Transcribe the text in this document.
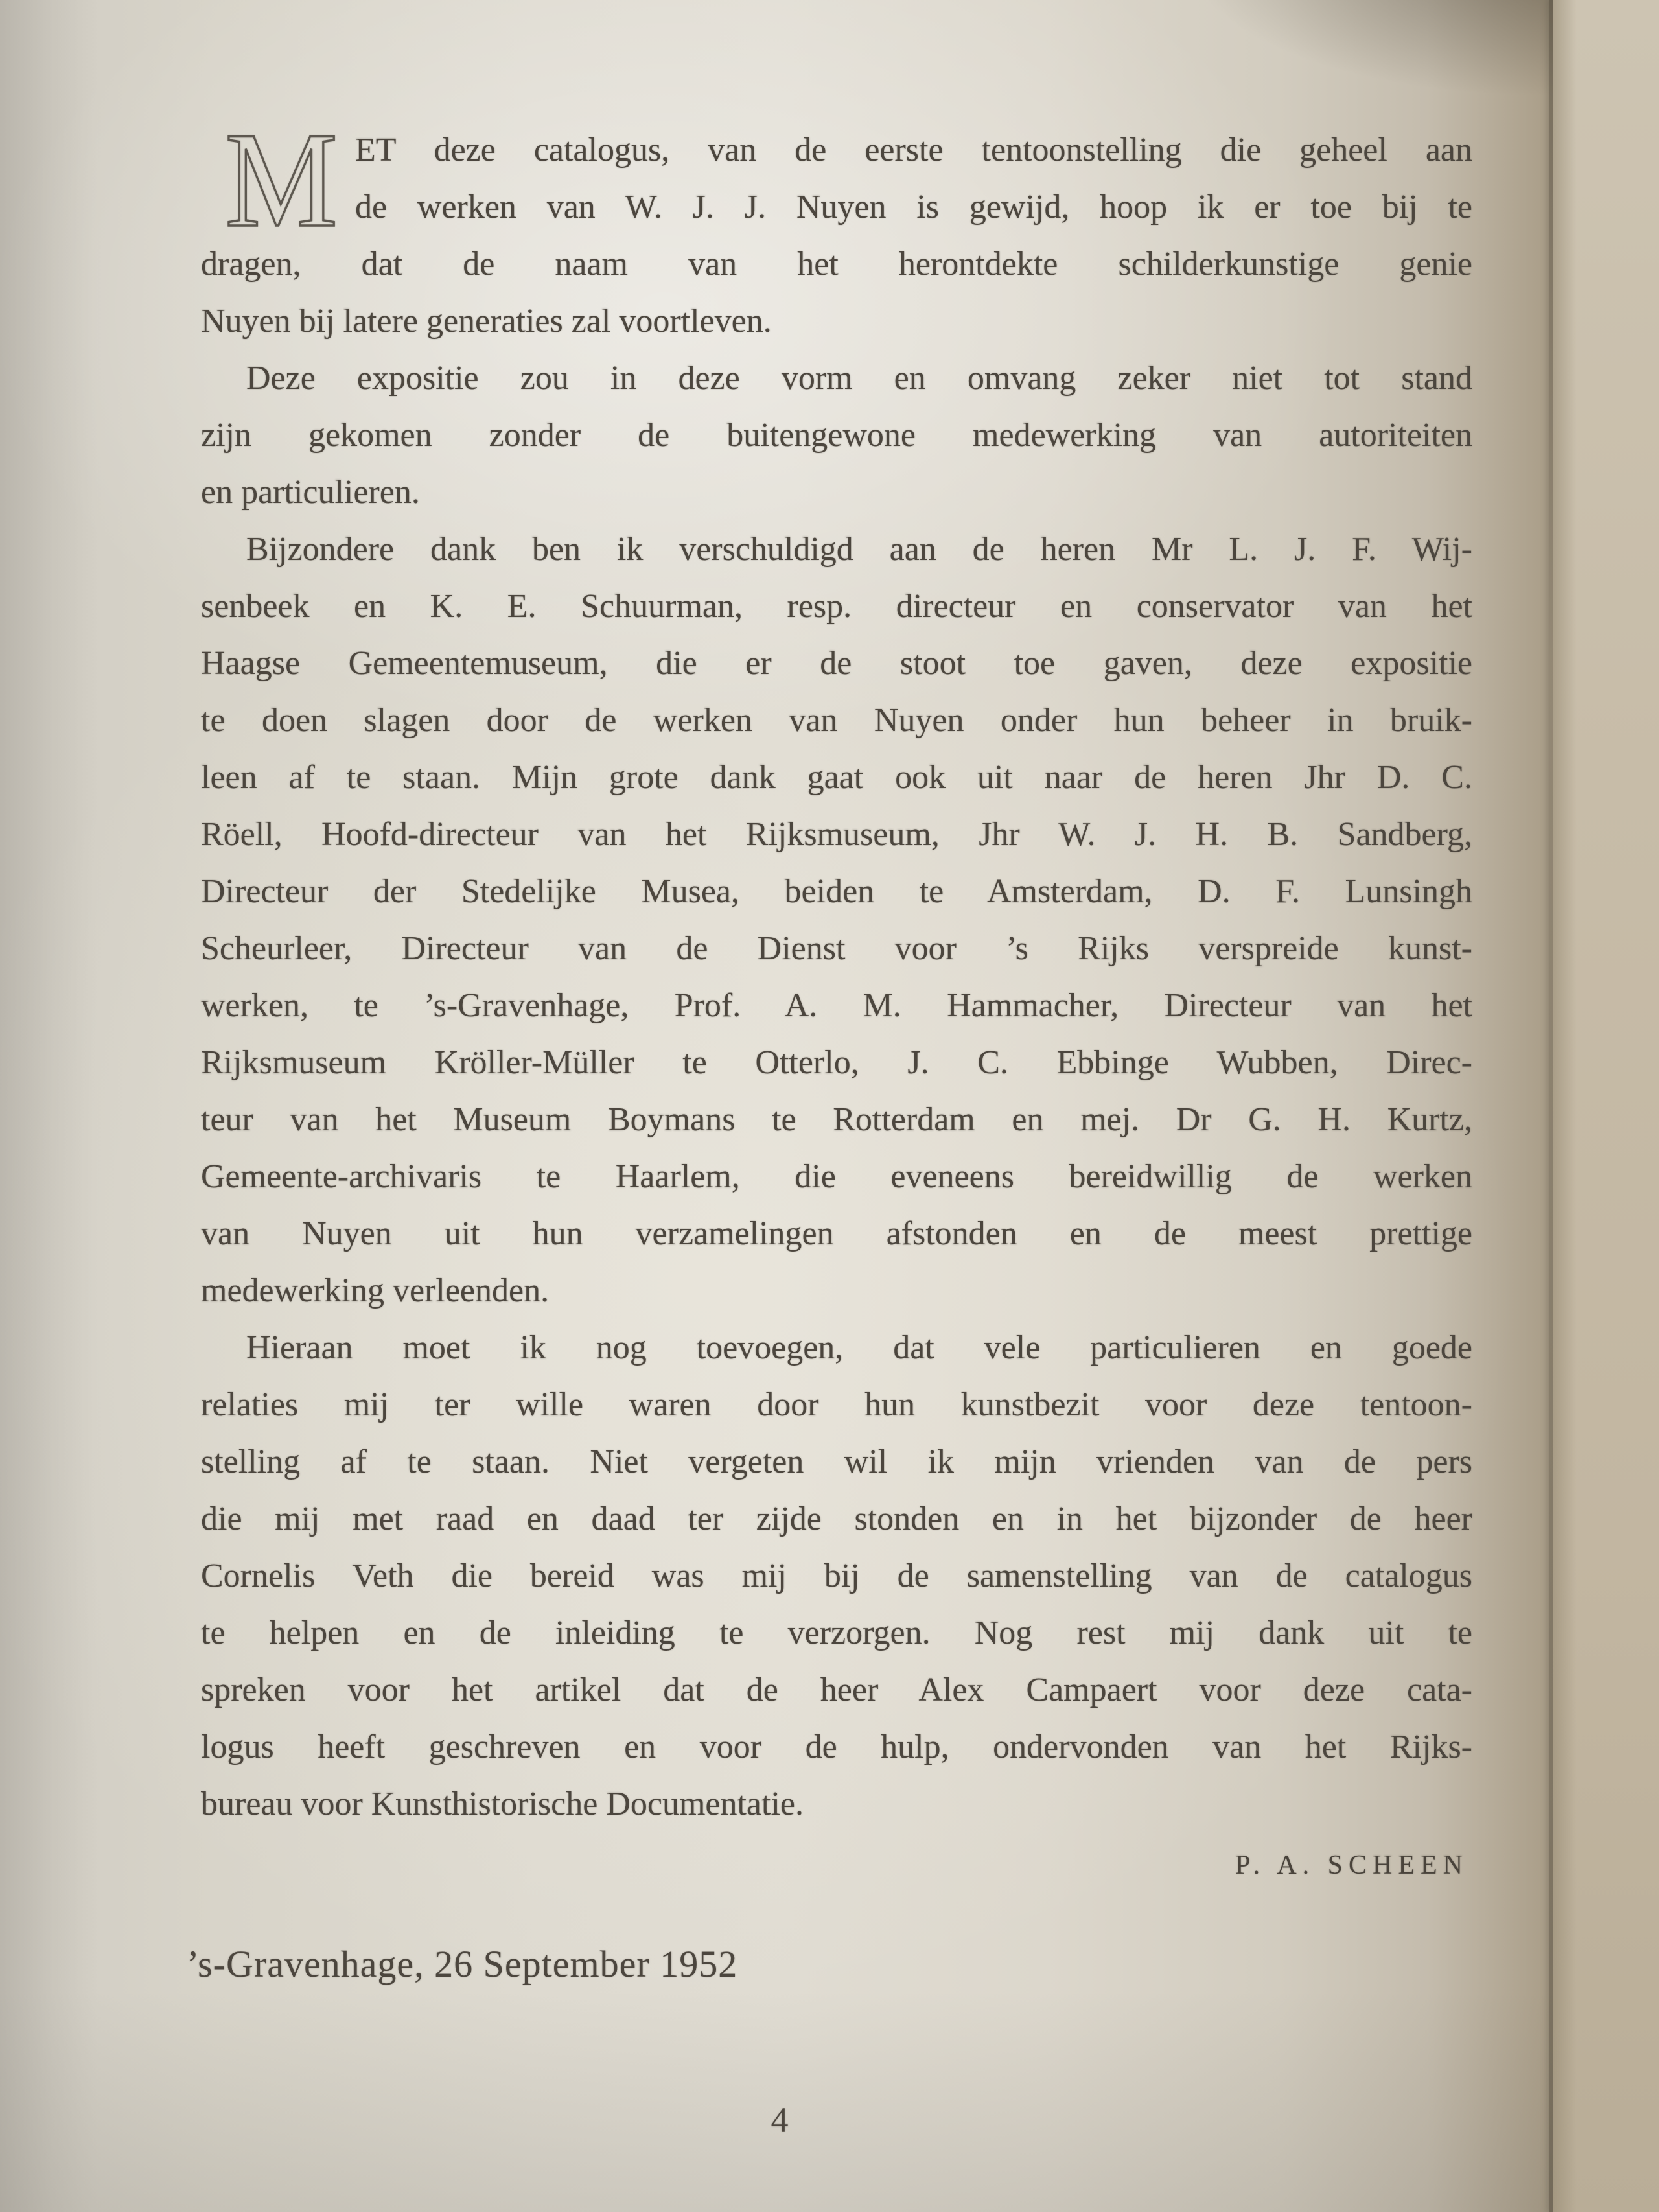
M ET deze catalogus, van de eerste tentoonstelling die geheel aan
de werken van W. J. J. Nuyen is gewijd, hoop ik er toe bij te
dragen, dat de naam van het herontdekte schilderkunstige genie
Nuyen bij latere generaties zal voortleven.
Deze expositie zou in deze vorm en omvang zeker niet tot stand
zijn gekomen zonder de buitengewone medewerking van autoriteiten
en particulieren.
Bijzondere dank ben ik verschuldigd aan de heren Mr L. J. F. Wij-
senbeek en K. E. Schuurman, resp. directeur en conservator van het
Haagse Gemeentemuseum, die er de stoot toe gaven, deze expositie
te doen slagen door de werken van Nuyen onder hun beheer in bruik-
leen af te staan. Mijn grote dank gaat ook uit naar de heren Jhr D. C.
Röell, Hoofd-directeur van het Rijksmuseum, Jhr W. J. H. B. Sandberg,
Directeur der Stedelijke Musea, beiden te Amsterdam, D. F. Lunsingh
Scheurleer, Directeur van de Dienst voor ’s Rijks verspreide kunst-
werken, te ’s-Gravenhage, Prof. A. M. Hammacher, Directeur van het
Rijksmuseum Kröller-Müller te Otterlo, J. C. Ebbinge Wubben, Direc-
teur van het Museum Boymans te Rotterdam en mej. Dr G. H. Kurtz,
Gemeente-archivaris te Haarlem, die eveneens bereidwillig de werken
van Nuyen uit hun verzamelingen afstonden en de meest prettige
medewerking verleenden.
Hieraan moet ik nog toevoegen, dat vele particulieren en goede
relaties mij ter wille waren door hun kunstbezit voor deze tentoon-
stelling af te staan. Niet vergeten wil ik mijn vrienden van de pers
die mij met raad en daad ter zijde stonden en in het bijzonder de heer
Cornelis Veth die bereid was mij bij de samenstelling van de catalogus
te helpen en de inleiding te verzorgen. Nog rest mij dank uit te
spreken voor het artikel dat de heer Alex Campaert voor deze cata-
logus heeft geschreven en voor de hulp, ondervonden van het Rijks-
bureau voor Kunsthistorische Documentatie.
P. A. SCHEEN
’s-Gravenhage, 26 September 1952
4
